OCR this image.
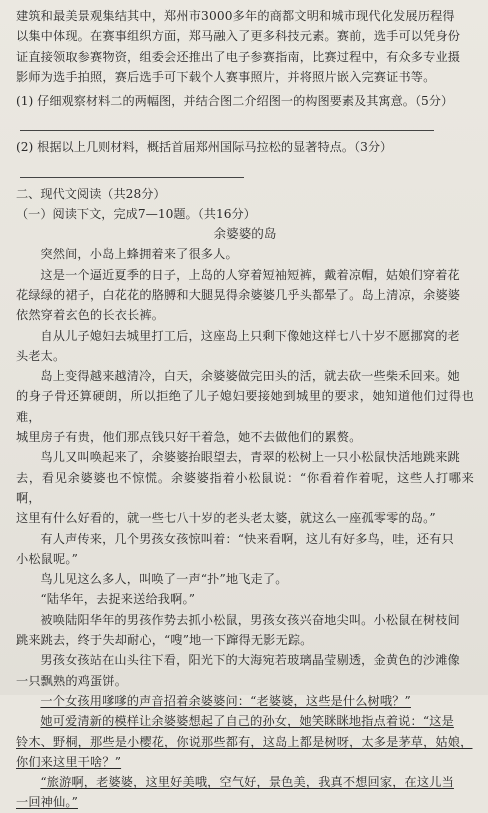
建筑和最美景观集结其中，郑州市3000多年的商都文明和城市现代化发展历程得

以集中体现。在赛事组织方面，郑马融入了更多科技元素。赛前，选手可以凭身份

证直接领取参赛物资，组委会还推出了电子参赛指南，比赛过程中，有众多专业摄

影师为选手拍照，赛后选手可下载个人赛事照片，并将照片嵌入完赛证书等。

(1) 仔细观察材料二的两幅图，并结合图二介绍图一的构图要素及其寓意。（5分）

(2) 根据以上几则材料，概括首届郑州国际马拉松的显著特点。（3分）

二、现代文阅读（共28分）

（一）阅读下文，完成7—10题。（共16分）

余婆婆的岛

突然间，小岛上蜂拥着来了很多人。

这是一个逼近夏季的日子，上岛的人穿着短袖短裤，戴着凉帽，姑娘们穿着花

花绿绿的裙子，白花花的胳膊和大腿晃得余婆婆几乎头都晕了。岛上清凉，余婆婆

依然穿着玄色的长衣长裤。

自从儿子媳妇去城里打工后，这座岛上只剩下像她这样七八十岁不愿挪窝的老

头老太。

岛上变得越来越清冷，白天，余婆婆做完田头的活，就去砍一些柴禾回来。她

的身子骨还算硬朗，所以拒绝了儿子媳妇要接她到城里的要求，她知道他们过得也难，

城里房子有贵，他们那点钱只好干着急，她不去做他们的累赘。

鸟儿又叫唤起来了，余婆婆抬眼望去，青翠的松树上一只小松鼠快活地跳来跳

去，看见余婆婆也不惊慌。余婆婆指着小松鼠说：“你看着作着呢，这些人打哪来啊，

这里有什么好看的，就一些七八十岁的老头老太婆，就这么一座孤零零的岛。”

有人声传来，几个男孩女孩惊叫着：“快来看啊，这儿有好多鸟，哇，还有只

小松鼠呢。”

鸟儿见这么多人，叫唤了一声“扑”地飞走了。

“陆华年，去捉来送给我啊。”

被唤陆阳华年的男孩作势去抓小松鼠，男孩女孩兴奋地尖叫。小松鼠在树枝间

跳来跳去，终于失却耐心，“嗖”地一下蹿得无影无踪。

男孩女孩站在山头往下看，阳光下的大海宛若玻璃晶莹剔透，金黄色的沙滩像

一只飘熟的鸡蛋饼。

一个女孩用嗲嗲的声音招着余婆婆问：“老婆婆，这些是什么树哦？”

她可爱清新的模样让余婆婆想起了自己的孙女，她笑眯眯地指点着说：“这是

铃木、野桐，那些是小樱花，你说那些都有，这岛上都是树呀，太多是茅草，姑娘，

你们来这里干啥？”

“旅游啊，老婆婆，这里好美哦，空气好，景色美，我真不想回家，在这儿当

一回神仙。”
